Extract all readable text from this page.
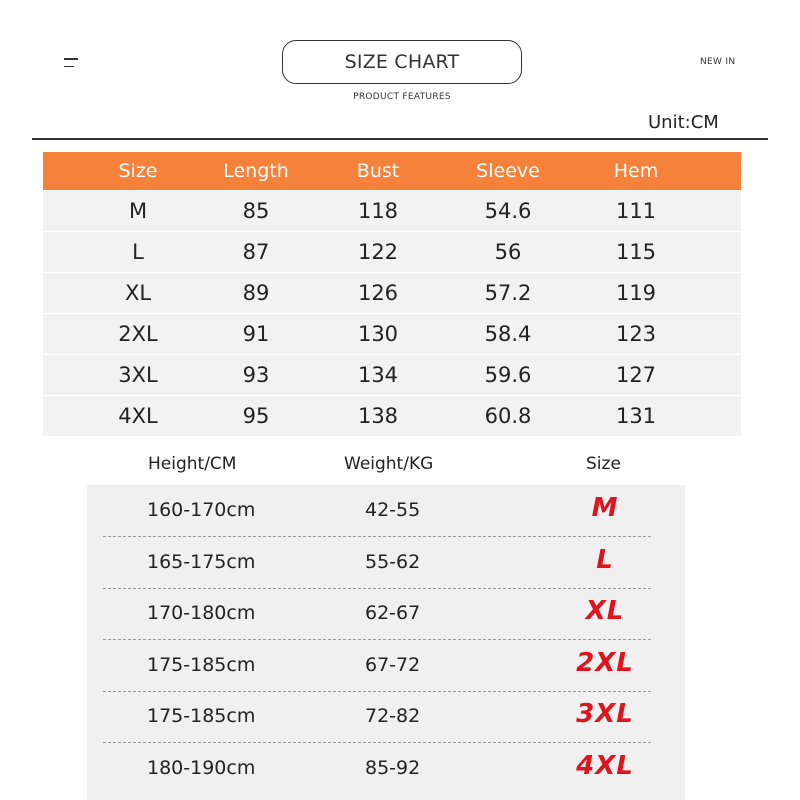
SIZE CHART
PRODUCT FEATURES
NEW IN
Unit:CM
Size	Length	Bust	Sleeve	Hem
M	85	118	54.6	111
L	87	122	56	115
XL	89	126	57.2	119
2XL	91	130	58.4	123
3XL	93	134	59.6	127
4XL	95	138	60.8	131
Height/CM	Weight/KG	Size
160-170cm	42-55	M
165-175cm	55-62	L
170-180cm	62-67	XL
175-185cm	67-72	2XL
175-185cm	72-82	3XL
180-190cm	85-92	4XL
